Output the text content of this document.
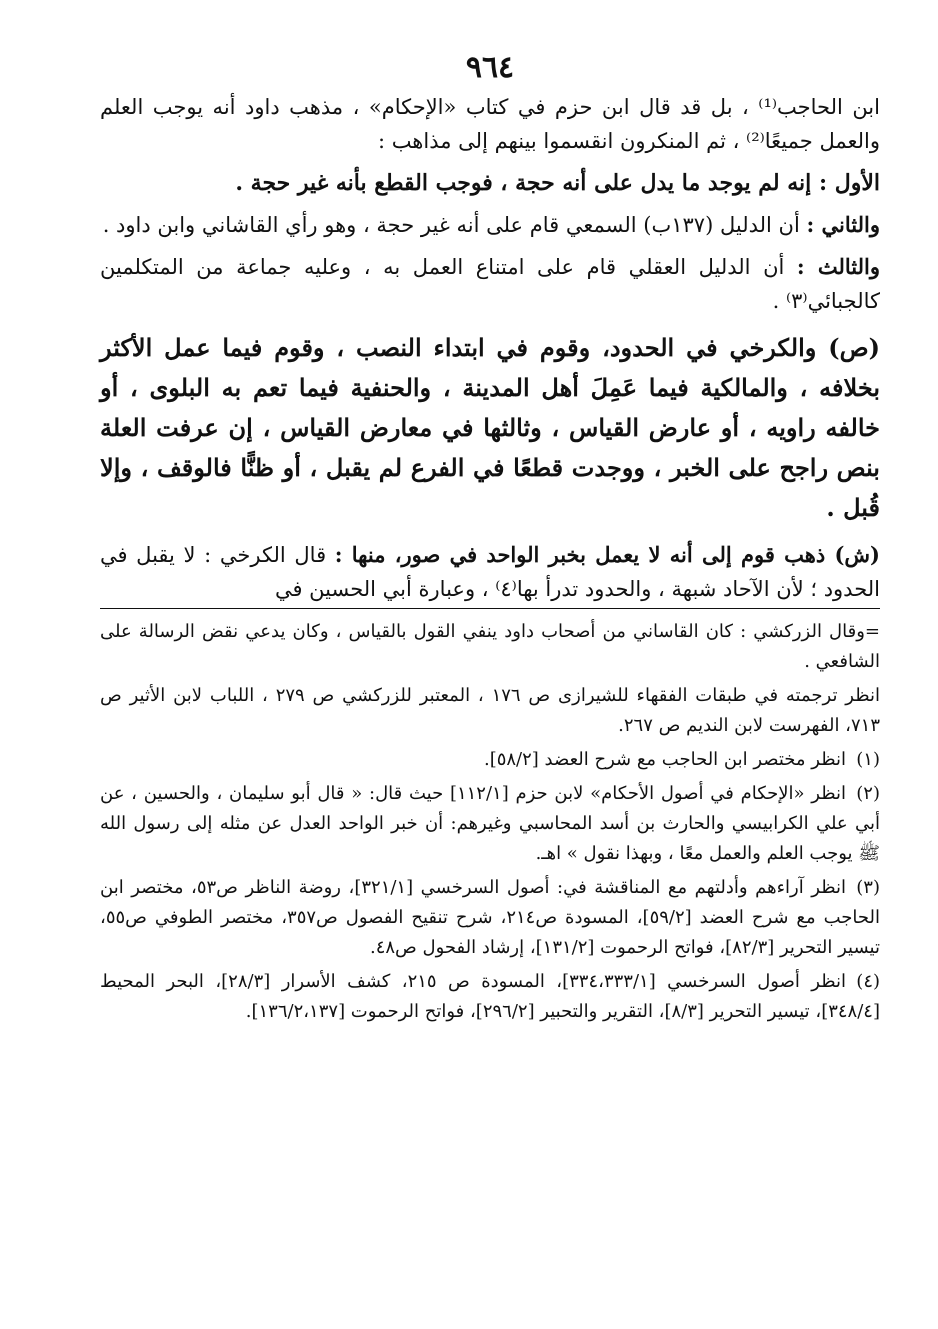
٩٦٤

ابن الحاجب⁽¹⁾ ، بل قد قال ابن حزم في كتاب «الإحكام» ، مذهب داود أنه يوجب العلم والعمل جميعًا⁽²⁾ ، ثم المنكرون انقسموا بينهم إلى مذاهب :

الأول : إنه لم يوجد ما يدل على أنه حجة ، فوجب القطع بأنه غير حجة .

والثاني : أن الدليل (١٣٧ب) السمعي قام على أنه غير حجة ، وهو رأي القاشاني وابن داود .

والثالث : أن الدليل العقلي قام على امتناع العمل به ، وعليه جماعة من المتكلمين كالجبائي⁽٣⁾ .

(ص) والكرخي في الحدود، وقوم في ابتداء النصب ، وقوم فيما عمل الأكثر بخلافه ، والمالكية فيما عَمِلَ أهل المدينة ، والحنفية فيما تعم به البلوى ، أو خالفه راويه ، أو عارض القياس ، وثالثها في معارض القياس ، إن عرفت العلة بنص راجح على الخبر ، ووجدت قطعًا في الفرع لم يقبل ، أو ظنًّا فالوقف ، وإلا قُبل .

(ش) ذهب قوم إلى أنه لا يعمل بخبر الواحد في صور، منها : قال الكرخي : لا يقبل في الحدود ؛ لأن الآحاد شبهة ، والحدود تدرأ بها⁽٤⁾ ، وعبارة أبي الحسين في

=وقال الزركشي : كان القاساني من أصحاب داود ينفي القول بالقياس ، وكان يدعي نقض الرسالة على الشافعي .

انظر ترجمته في طبقات الفقهاء للشيرازى ص ١٧٦ ، المعتبر للزركشي ص ٢٧٩ ، اللباب لابن الأثير ص ٧١٣، الفهرست لابن النديم ص ٢٦٧.

(١)انظر مختصر ابن الحاجب مع شرح العضد [٥٨/٢].

(٢)انظر «الإحكام في أصول الأحكام» لابن حزم [١١٢/١] حيث قال: « قال أبو سليمان ، والحسين ، عن أبي علي الكرابيسي والحارث بن أسد المحاسبي وغيرهم: أن خبر الواحد العدل عن مثله إلى رسول الله ﷺ يوجب العلم والعمل معًا ، وبهذا نقول » اهـ.

(٣)انظر آراءهم وأدلتهم مع المناقشة في: أصول السرخسي [٣٢١/١]، روضة الناظر ص٥٣، مختصر ابن الحاجب مع شرح العضد [٥٩/٢]، المسودة ص٢١٤، شرح تنقيح الفصول ص٣٥٧، مختصر الطوفي ص٥٥، تيسير التحرير [٨٢/٣]، فواتح الرحموت [١٣١/٢]، إرشاد الفحول ص٤٨.

(٤)انظر أصول السرخسي [٣٣٤،٣٣٣/١]، المسودة ص ٢١٥، كشف الأسرار [٢٨/٣]، البحر المحيط [٣٤٨/٤]، تيسير التحرير [٨/٣]، التقرير والتحبير [٢٩٦/٢]، فواتح الرحموت [١٣٦/٢،١٣٧].
